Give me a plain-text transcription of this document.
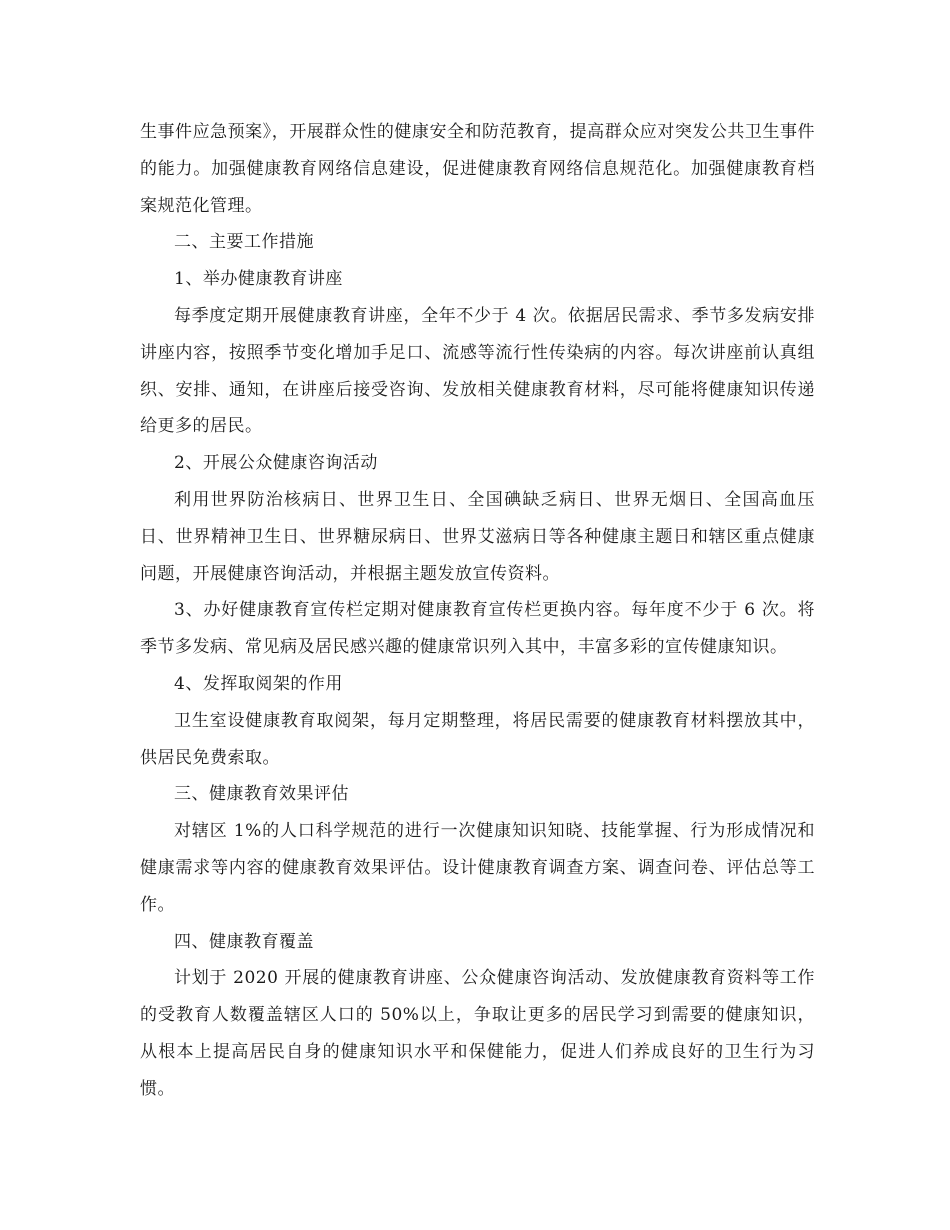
生事件应急预案》，开展群众性的健康安全和防范教育，提高群众应对突发公共卫生事件的能力。加强健康教育网络信息建设，促进健康教育网络信息规范化。加强健康教育档案规范化管理。

二、主要工作措施

1、举办健康教育讲座

每季度定期开展健康教育讲座，全年不少于 4 次。依据居民需求、季节多发病安排讲座内容，按照季节变化增加手足口、流感等流行性传染病的内容。每次讲座前认真组织、安排、通知，在讲座后接受咨询、发放相关健康教育材料，尽可能将健康知识传递给更多的居民。

2、开展公众健康咨询活动

利用世界防治核病日、世界卫生日、全国碘缺乏病日、世界无烟日、全国高血压日、世界精神卫生日、世界糖尿病日、世界艾滋病日等各种健康主题日和辖区重点健康问题，开展健康咨询活动，并根据主题发放宣传资料。

3、办好健康教育宣传栏定期对健康教育宣传栏更换内容。每年度不少于 6 次。将季节多发病、常见病及居民感兴趣的健康常识列入其中，丰富多彩的宣传健康知识。

4、发挥取阅架的作用

卫生室设健康教育取阅架，每月定期整理，将居民需要的健康教育材料摆放其中，供居民免费索取。

三、健康教育效果评估

对辖区 1%的人口科学规范的进行一次健康知识知晓、技能掌握、行为形成情况和健康需求等内容的健康教育效果评估。设计健康教育调查方案、调查问卷、评估总等工作。

四、健康教育覆盖

计划于 2020 开展的健康教育讲座、公众健康咨询活动、发放健康教育资料等工作的受教育人数覆盖辖区人口的 50%以上，争取让更多的居民学习到需要的健康知识，从根本上提高居民自身的健康知识水平和保健能力，促进人们养成良好的卫生行为习惯。
